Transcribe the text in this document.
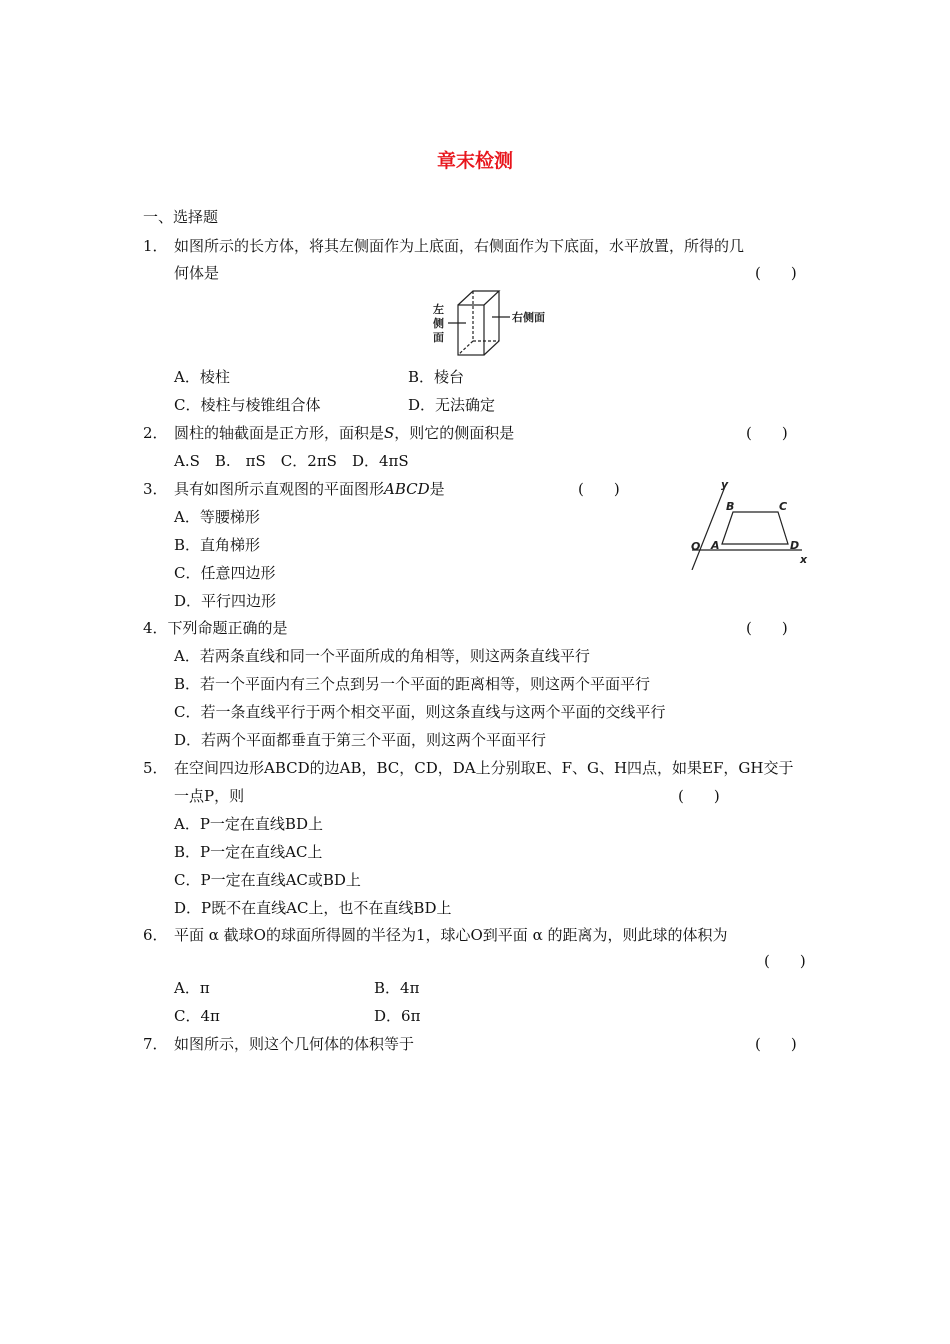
章末检测
一、选择题
1． 如图所示的长方体，将其左侧面作为上底面，右侧面作为下底面，水平放置，所得的几
何体是	(　　)
左
侧
面
右侧面
A．棱柱	B．棱台
C．棱柱与棱锥组合体	D．无法确定
2． 圆柱的轴截面是正方形，面积是S，则它的侧面积是	(　　)
A.S　B.　πS　C．2πS　D．4πS
3． 具有如图所示直观图的平面图形ABCD是	(　　)
A．等腰梯形
B．直角梯形
C．任意四边形
D．平行四边形
y
x
O A
B	C
D
4．下列命题正确的是	(　　)
A．若两条直线和同一个平面所成的角相等，则这两条直线平行
B．若一个平面内有三个点到另一个平面的距离相等，则这两个平面平行
C．若一条直线平行于两个相交平面，则这条直线与这两个平面的交线平行
D．若两个平面都垂直于第三个平面，则这两个平面平行
5． 在空间四边形ABCD的边AB，BC，CD，DA上分别取E、F、G、H四点，如果EF，GH交于
一点P，则	(　　)
A．P一定在直线BD上
B．P一定在直线AC上
C．P一定在直线AC或BD上
D．P既不在直线AC上，也不在直线BD上
6． 平面 α 截球O的球面所得圆的半径为1，球心O到平面 α 的距离为，则此球的体积为
(　　)
A．π	B．4π
C．4π	D．6π
7． 如图所示，则这个几何体的体积等于	(　　)
